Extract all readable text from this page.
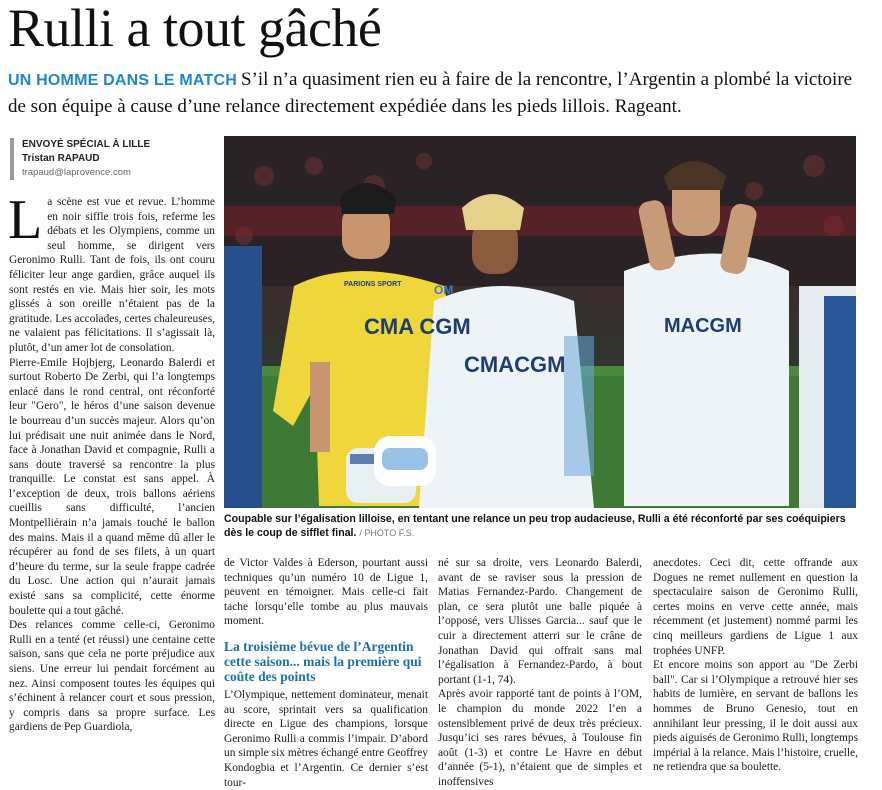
Rulli a tout gâché
UN HOMME DANS LE MATCH S’il n’a quasiment rien eu à faire de la rencontre, l’Argentin a plombé la victoire de son équipe à cause d’une relance directement expédiée dans les pieds lillois. Rageant.
ENVOYÉ SPÉCIAL À LILLE
Tristan RAPAUD
trapaud@laprovence.com
L a scène est vue et revue. L’homme en noir siffle trois fois, referme les débats et les Olympiens, comme un seul homme, se dirigent vers Geronimo Rulli. Tant de fois, ils ont couru féliciter leur ange gardien, grâce auquel ils sont restés en vie. Mais hier soir, les mots glissés à son oreille n’étaient pas de la gratitude. Les accolades, certes chaleureuses, ne valaient pas félicitations. Il s’agissait là, plutôt, d’un amer lot de consolation.

Pierre-Emile Hojbjerg, Leonardo Balerdi et surtout Roberto De Zerbi, qui l’a longtemps enlacé dans le rond central, ont réconforté leur "Gero", le héros d’une saison devenue le bourreau d’un succès majeur. Alors qu’on lui prédisait une nuit animée dans le Nord, face à Jonathan David et compagnie, Rulli a sans doute traversé sa rencontre la plus tranquille. Le constat est sans appel. À l’exception de deux, trois ballons aériens cueillis sans difficulté, l’ancien Montpelliérain n’a jamais touché le ballon des mains. Mais il a quand même dû aller le récupérer au fond de ses filets, à un quart d’heure du terme, sur la seule frappe cadrée du Losc. Une action qui n’aurait jamais existé sans sa complicité, cette énorme boulette qui a tout gâché.

Des relances comme celle-ci, Geronimo Rulli en a tenté (et réussi) une centaine cette saison, sans que cela ne porte préjudice aux siens. Une erreur lui pendait forcément au nez. Ainsi composent toutes les équipes qui s’échinent à relancer court et sous pression, y compris dans sa propre surface. Les gardiens de Pep Guardiola,

CMA CGM
CMACGM
MACGM
PARIONS SPORT	OM
Coupable sur l’égalisation lilloise, en tentant une relance un peu trop audacieuse, Rulli a été réconforté par ses coéquipiers dès le coup de sifflet final. / PHOTO F.S.

de Victor Valdes à Ederson, pourtant aussi techniques qu’un numéro 10 de Ligue 1, peuvent en témoigner. Mais celle-ci fait tache lorsqu’elle tombe au plus mauvais moment.

La troisième bévue de l’Argentin cette saison... mais la première qui coûte des points

L’Olympique, nettement dominateur, menait au score, sprintait vers sa qualification directe en Ligue des champions, lorsque Geronimo Rulli a commis l’impair. D’abord un simple six mètres échangé entre Geoffrey Kondogbia et l’Argentin. Ce dernier s’est tour-

né sur sa droite, vers Leonardo Balerdi, avant de se raviser sous la pression de Matias Fernandez-Pardo. Changement de plan, ce sera plutôt une balle piquée à l’opposé, vers Ulisses Garcia... sauf que le cuir a directement atterri sur le crâne de Jonathan David qui offrait sans mal l’égalisation à Fernandez-Pardo, à bout portant (1-1, 74).

Après avoir rapporté tant de points à l’OM, le champion du monde 2022 l’en a ostensiblement privé de deux très précieux. Jusqu’ici ses rares bévues, à Toulouse fin août (1-3) et contre Le Havre en début d’année (5-1), n’étaient que de simples et inoffensives

anecdotes. Ceci dit, cette offrande aux Dogues ne remet nullement en question la spectaculaire saison de Geronimo Rulli, certes moins en verve cette année, mais récemment (et justement) nommé parmi les cinq meilleurs gardiens de Ligue 1 aux trophées UNFP.

Et encore moins son apport au "De Zerbi ball". Car si l’Olympique a retrouvé hier ses habits de lumière, en servant de ballons les hommes de Bruno Genesio, tout en annihilant leur pressing, il le doit aussi aux pieds aiguisés de Geronimo Rulli, longtemps impérial à la relance. Mais l’histoire, cruelle, ne retiendra que sa boulette.
